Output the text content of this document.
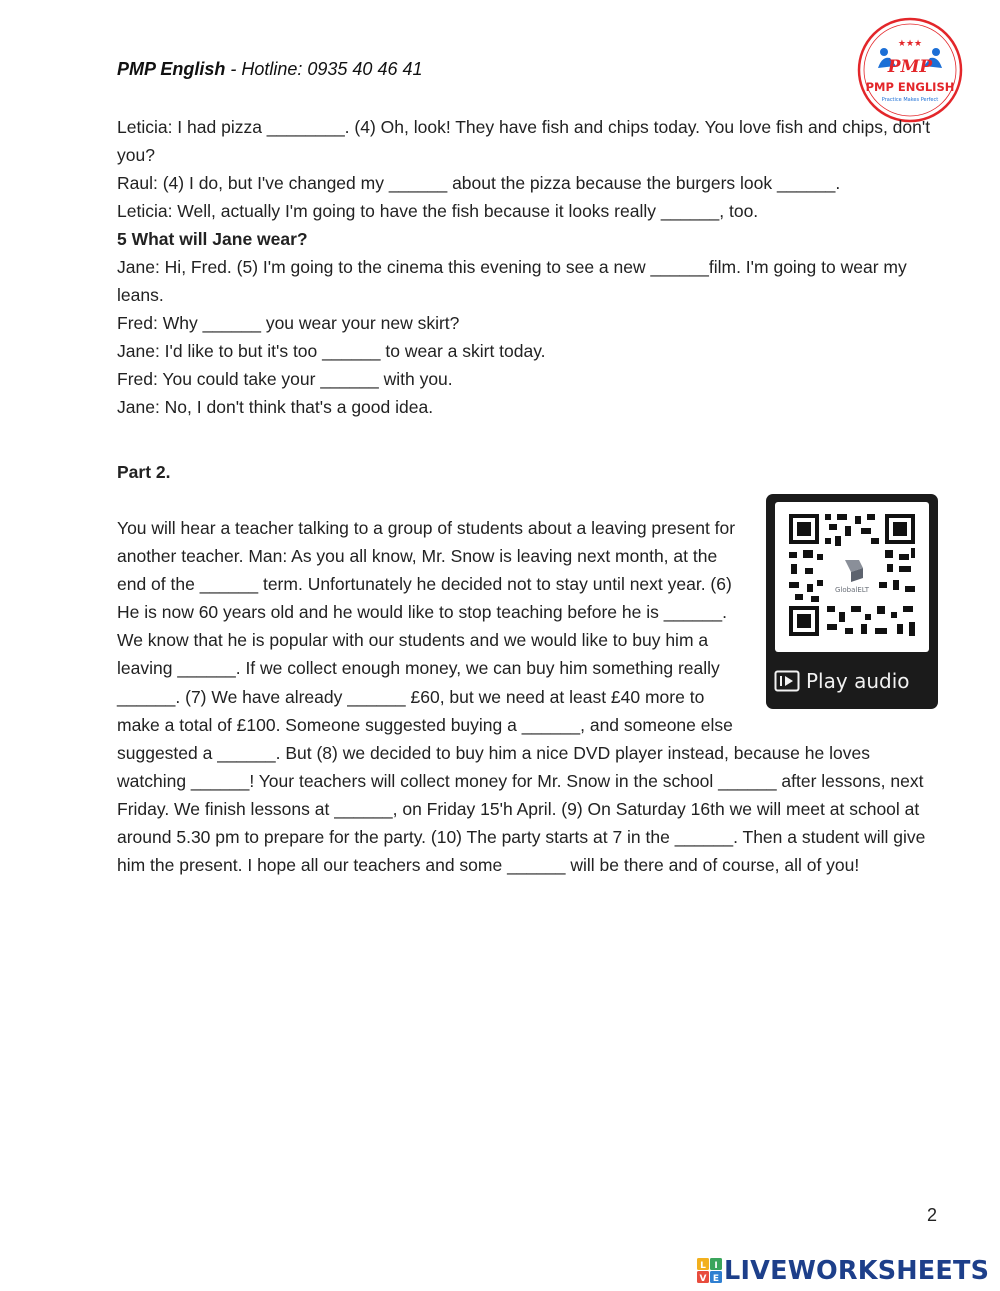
PMP English - Hotline: 0935 40 46 41
★★★
PMP
PMP ENGLISH
Practice Makes Perfect

Leticia: I had pizza ________. (4) Oh, look! They have fish and chips today. You love fish and chips, don't you?

Raul: (4) I do, but I've changed my ______ about the pizza because the burgers look ______.

Leticia: Well, actually I'm going to have the fish because it looks really ______, too.

5 What will Jane wear?

Jane: Hi, Fred. (5) I'm going to the cinema this evening to see a new ______film. I'm going to wear my leans.

Fred: Why ______ you wear your new skirt?

Jane: I'd like to but it's too ______ to wear a skirt today.

Fred: You could take your ______ with you.

Jane: No, I don't think that's a good idea.

Part 2.
You will hear a teacher talking to a group of students about a leaving present for another teacher. Man: As you all know, Mr. Snow is leaving next month, at the end of the ______ term. Unfortunately he decided not to stay until next year. (6) He is now 60 years old and he would like to stop teaching before he is ______. We know that he is popular with our students and we would like to buy him a leaving ______. If we collect enough money, we can buy him something really ______. (7) We have already ______ £60, but we need at least £40 more to make a total of £100. Someone suggested buying a ______, and someone else suggested a ______. But (8) we decided to buy him a nice DVD player instead, because he loves watching ______! Your teachers will collect money for Mr. Snow in the school ______ after lessons, next Friday. We finish lessons at ______, on Friday 15'h April. (9) On Saturday 16th we will meet at school at around 5.30 pm to prepare for the party. (10) The party starts at 7 in the ______. Then a student will give him the present. I hope all our teachers and some ______ will be there and of course, all of you!
GlobalELT
Play audio
2
L I
V E LIVEWORKSHEETS
